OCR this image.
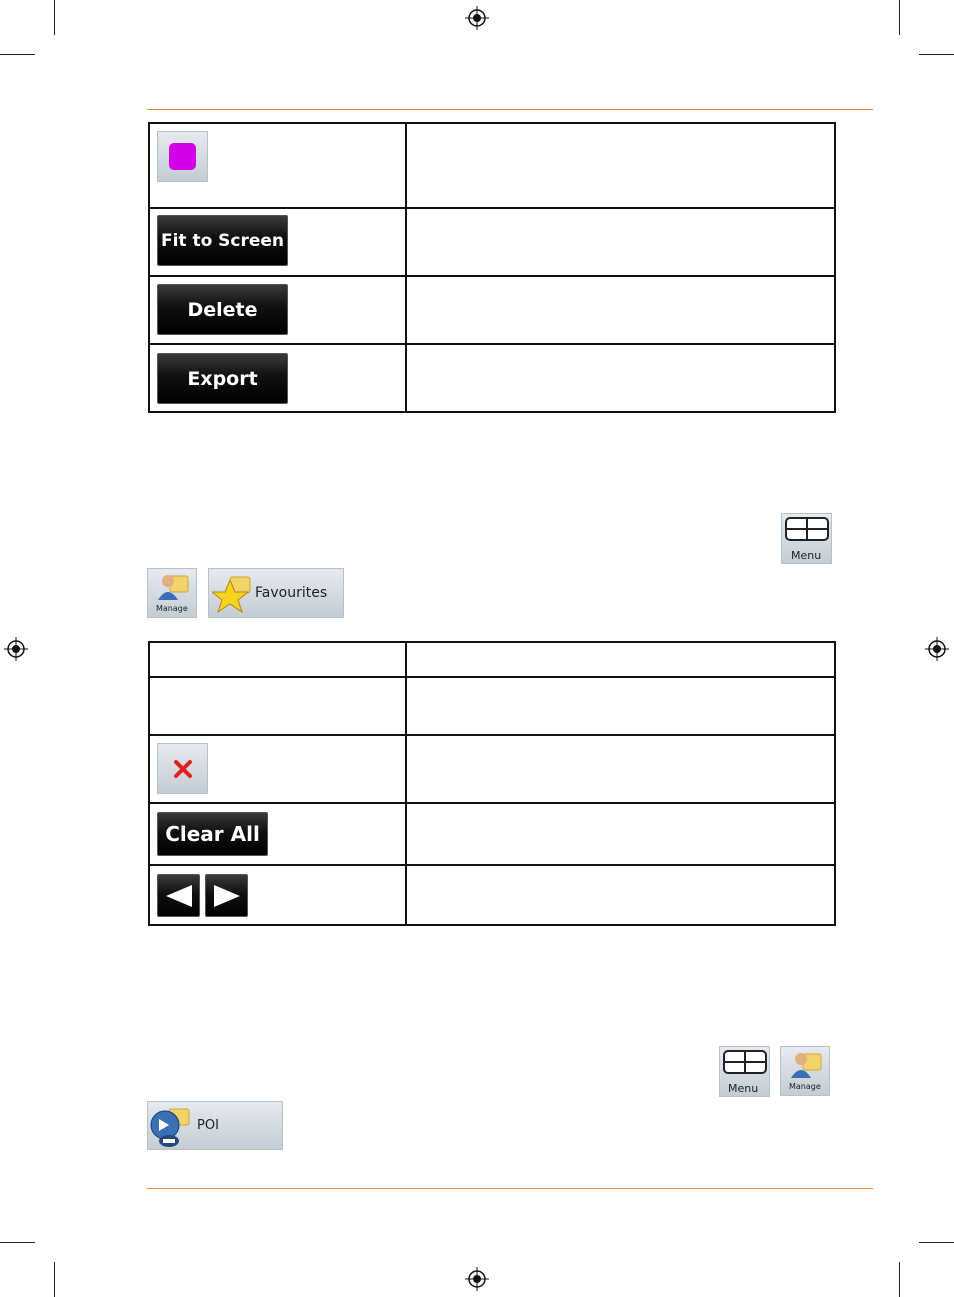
Fit to Screen
Delete
Export
Menu
Manage
Favourites
Clear All
Menu	Manage
POI
